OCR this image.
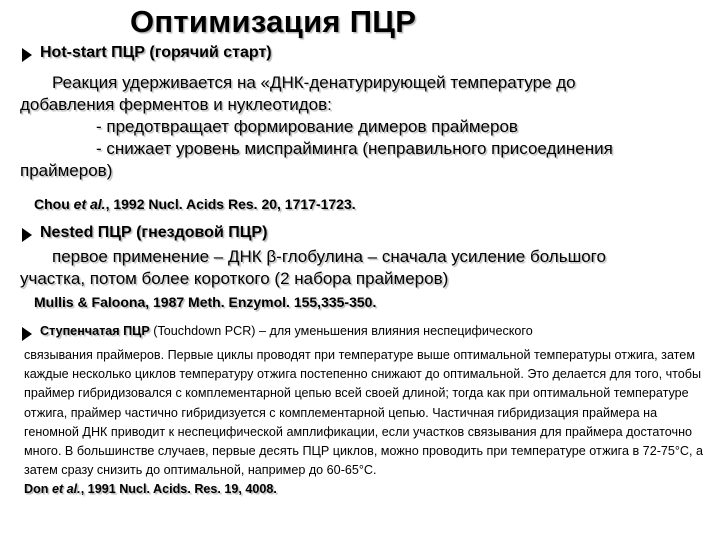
Оптимизация ПЦР
Hot-start ПЦР (горячий старт)
Реакция удерживается на «ДНК-денатурирующей температуре до
добавления ферментов и нуклеотидов:
- предотвращает формирование димеров праймеров
- снижает уровень миспрайминга (неправильного присоединения
праймеров)
Chou et al., 1992 Nucl. Acids Res. 20, 1717-1723.
Nested ПЦР (гнездовой ПЦР)
первое применение – ДНК β-глобулина – сначала усиление большого
участка, потом более короткого (2 набора праймеров)
Mullis & Faloona, 1987 Meth. Enzymol. 155,335-350.
Ступенчатая ПЦР (Touchdown PCR) – для уменьшения влияния неспецифического

связывания праймеров. Первые циклы проводят при температуре выше оптимальной температуры отжига, затем каждые несколько циклов температуру отжига постепенно снижают до оптимальной. Это делается для того, чтобы праймер гибридизовался с комплементарной цепью всей своей длиной; тогда как при оптимальной температуре отжига, праймер частично гибридизуется с комплементарной цепью. Частичная гибридизация праймера на геномной ДНК приводит к неспецифической амплификации, если участков связывания для праймера достаточно много. В большинстве случаев, первые десять ПЦР циклов, можно проводить при температуре отжига в 72-75°C, а затем сразу снизить до оптимальной, например до 60-65°C.
Don et al., 1991 Nucl. Acids. Res. 19, 4008.
